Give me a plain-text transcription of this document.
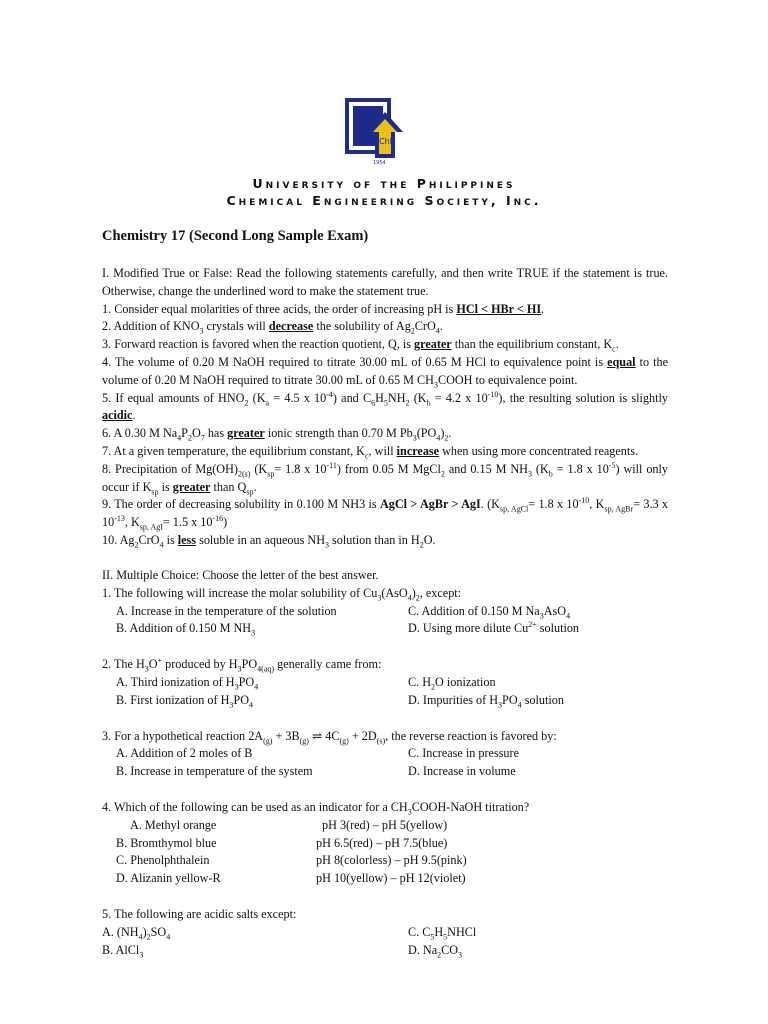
ChE
1954
University of the Philippines
Chemical Engineering Society, Inc.
Chemistry 17 (Second Long Sample Exam)

I. Modified True or False: Read the following statements carefully, and then write TRUE if the statement is true. Otherwise, change the underlined word to make the statement true.

1. Consider equal molarities of three acids, the order of increasing pH is HCl < HBr < HI.

2. Addition of $KNO_3$ crystals will decrease the solubility of $Ag_2CrO_4$.

3. Forward reaction is favored when the reaction quotient, Q, is greater than the equilibrium constant, $K_c$.

4. The volume of 0.20 M NaOH required to titrate 30.00 mL of 0.65 M HCl to equivalence point is equal to the volume of 0.20 M NaOH required to titrate 30.00 mL of 0.65 M $CH_3COOH$ to equivalence point.

5. If equal amounts of $HNO_2$ ($K_a = 4.5$ x $10^{-4}$) and $C_6H_5NH_2$ ($K_b = 4.2$ x $10^{-10}$), the resulting solution is slightly acidic.

6. A 0.30 M $Na_4P_2O_7$ has greater ionic strength than 0.70 M $Pb_3(PO_4)_2$.

7. At a given temperature, the equilibrium constant, $K_c$, will increase when using more concentrated reagents.

8. Precipitation of $Mg(OH)_{2(s)}$ ($K_{sp}= 1.8$ x $10^{-11}$) from 0.05 M MgCl$_2$ and 0.15 M $NH_3$ ($K_b = 1.8$ x $10^{-5}$) will only occur if $K_{sp}$ is greater than $Q_{sp}$.

9. The order of decreasing solubility in 0.100 M NH3 is AgCl > AgBr > AgI. ($K_{sp, AgCl}= 1.8$ x $10^{-10}$, $K_{sp, AgBr}= 3.3$ x $10^{-13}$, $K_{sp, AgI}= 1.5$ x $10^{-16}$)

10. $Ag_2CrO_4$ is less soluble in an aqueous $NH_3$ solution than in $H_2O$.

II. Multiple Choice: Choose the letter of the best answer.

1. The following will increase the molar solubility of $Cu_3(AsO_4)_2$, except:

A. Increase in the temperature of the solution	C. Addition of 0.150 M $Na_3AsO_4$
B. Addition of 0.150 M $NH_3$	D. Using more dilute $Cu^{2+}$ solution

2. The $H_3O^+$ produced by $H_3PO_{4(aq)}$ generally came from:

A. Third ionization of $H_3PO_4$	C. $H_2O$ ionization
B. First ionization of $H_3PO_4$	D. Impurities of $H_3PO_4$ solution

3. For a hypothetical reaction $2A_{(g)} + 3B_{(g)}$ ⇌ $4C_{(g)} + 2D_{(s)}$, the reverse reaction is favored by:

A. Addition of 2 moles of B	C. Increase in pressure
B. Increase in temperature of the system	D. Increase in volume

4. Which of the following can be used as an indicator for a $CH_3COOH$-NaOH titration?

A. Methyl orange	pH 3(red) – pH 5(yellow)
B. Bromthymol blue	pH 6.5(red) – pH 7.5(blue)
C. Phenolphthalein	pH 8(colorless) – pH 9.5(pink)
D. Alizanin yellow-R	pH 10(yellow) – pH 12(violet)

5. The following are acidic salts except:

A. $(NH_4)_2SO_4$	C. $C_5H_5NHCl$
B. AlCl$_3$	D. $Na_2CO_3$
